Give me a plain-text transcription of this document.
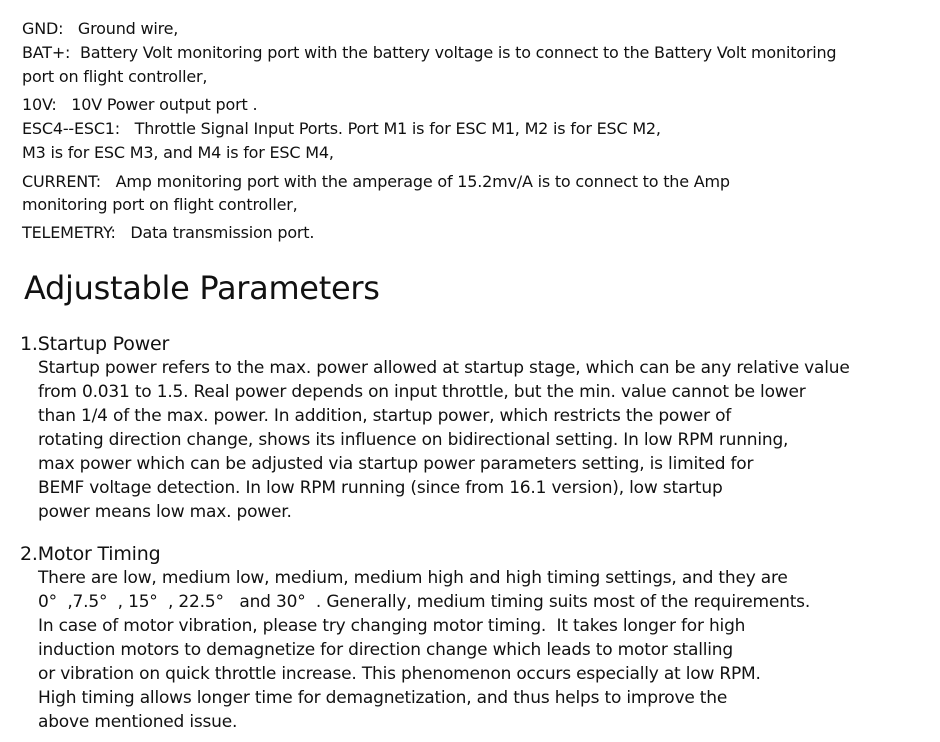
GND:   Ground wire,
BAT+:  Battery Volt monitoring port with the battery voltage is to connect to the Battery Volt monitoring
port on flight controller,
10V:   10V Power output port .
ESC4--ESC1:   Throttle Signal Input Ports. Port M1 is for ESC M1, M2 is for ESC M2,
M3 is for ESC M3, and M4 is for ESC M4,
CURRENT:   Amp monitoring port with the amperage of 15.2mv/A is to connect to the Amp
monitoring port on flight controller,
TELEMETRY:   Data transmission port.
Adjustable Parameters
1.Startup Power
Startup power refers to the max. power allowed at startup stage, which can be any relative value
from 0.031 to 1.5. Real power depends on input throttle, but the min. value cannot be lower
than 1/4 of the max. power. In addition, startup power, which restricts the power of
rotating direction change, shows its influence on bidirectional setting. In low RPM running,
max power which can be adjusted via startup power parameters setting, is limited for
BEMF voltage detection. In low RPM running (since from 16.1 version), low startup
power means low max. power.
2.Motor Timing
There are low, medium low, medium, medium high and high timing settings, and they are
0°  ,7.5°  , 15°  , 22.5°   and 30°  . Generally, medium timing suits most of the requirements.
In case of motor vibration, please try changing motor timing.  It takes longer for high
induction motors to demagnetize for direction change which leads to motor stalling
or vibration on quick throttle increase. This phenomenon occurs especially at low RPM.
High timing allows longer time for demagnetization, and thus helps to improve the
above mentioned issue.
